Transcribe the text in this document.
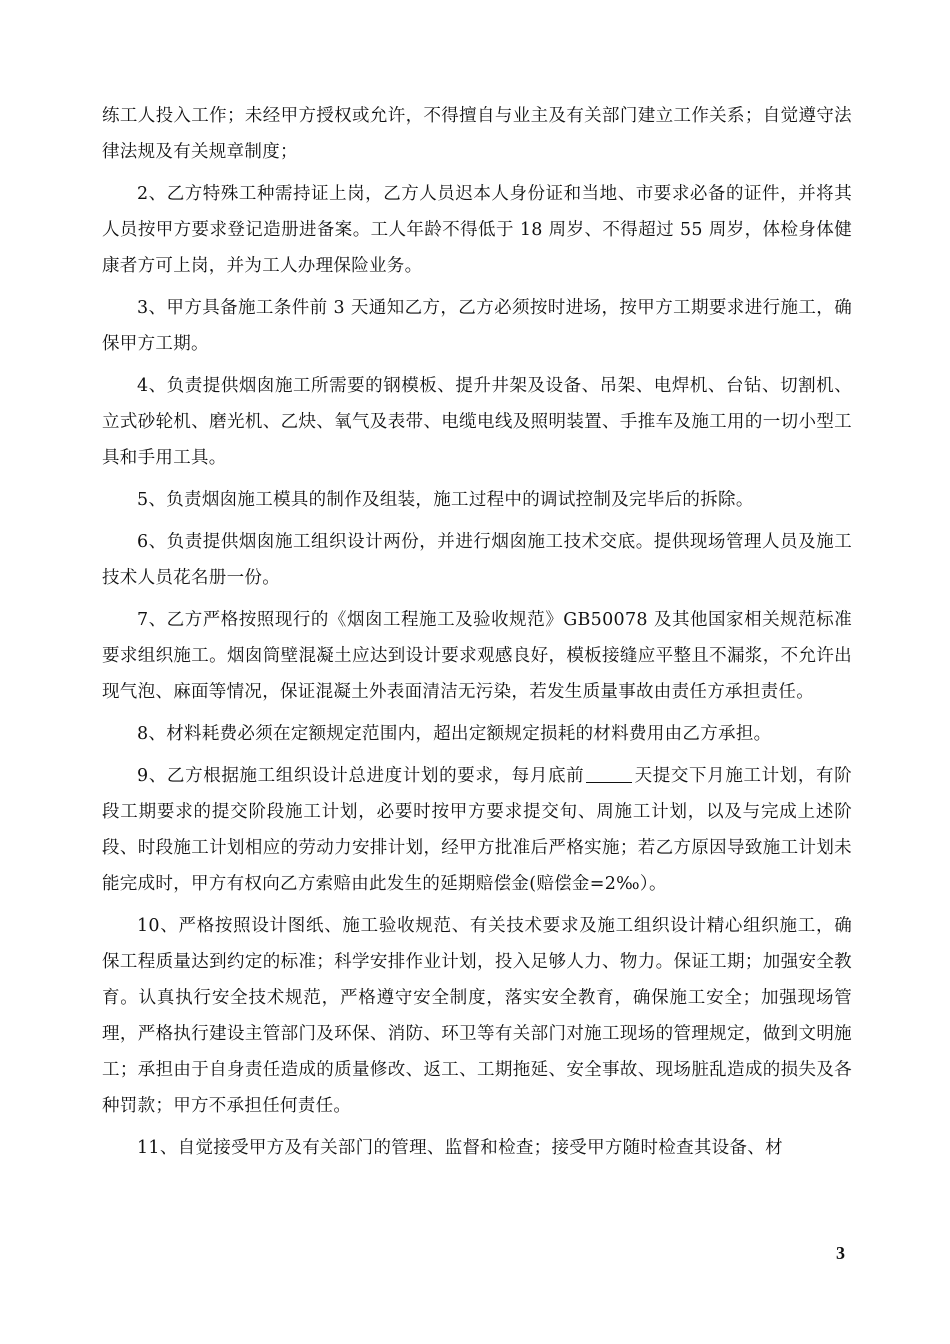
练工人投入工作；未经甲方授权或允许，不得擅自与业主及有关部门建立工作关系；自觉遵守法律法规及有关规章制度；

2、乙方特殊工种需持证上岗，乙方人员迟本人身份证和当地、市要求必备的证件，并将其人员按甲方要求登记造册进备案。工人年龄不得低于 18 周岁、不得超过 55 周岁，体检身体健康者方可上岗，并为工人办理保险业务。

3、甲方具备施工条件前 3 天通知乙方，乙方必须按时进场，按甲方工期要求进行施工，确保甲方工期。

4、负责提供烟囱施工所需要的钢模板、提升井架及设备、吊架、电焊机、台钻、切割机、立式砂轮机、磨光机、乙炔、氧气及表带、电缆电线及照明装置、手推车及施工用的一切小型工具和手用工具。

5、负责烟囱施工模具的制作及组装，施工过程中的调试控制及完毕后的拆除。

6、负责提供烟囱施工组织设计两份，并进行烟囱施工技术交底。提供现场管理人员及施工技术人员花名册一份。

7、乙方严格按照现行的《烟囱工程施工及验收规范》GB50078 及其他国家相关规范标准要求组织施工。烟囱筒壁混凝土应达到设计要求观感良好，模板接缝应平整且不漏浆，不允许出现气泡、麻面等情况，保证混凝土外表面清洁无污染，若发生质量事故由责任方承担责任。

8、材料耗费必须在定额规定范围内，超出定额规定损耗的材料费用由乙方承担。

9、乙方根据施工组织设计总进度计划的要求，每月底前	天提交下月施工计划，有阶段工期要求的提交阶段施工计划，必要时按甲方要求提交旬、周施工计划，以及与完成上述阶段、时段施工计划相应的劳动力安排计划，经甲方批准后严格实施；若乙方原因导致施工计划未能完成时，甲方有权向乙方索赔由此发生的延期赔偿金(赔偿金=2‰）。

10、严格按照设计图纸、施工验收规范、有关技术要求及施工组织设计精心组织施工，确保工程质量达到约定的标准；科学安排作业计划，投入足够人力、物力。保证工期；加强安全教育。认真执行安全技术规范，严格遵守安全制度，落实安全教育，确保施工安全；加强现场管理，严格执行建设主管部门及环保、消防、环卫等有关部门对施工现场的管理规定，做到文明施工；承担由于自身责任造成的质量修改、返工、工期拖延、安全事故、现场脏乱造成的损失及各种罚款；甲方不承担任何责任。

11、自觉接受甲方及有关部门的管理、监督和检查；接受甲方随时检查其设备、材

3
